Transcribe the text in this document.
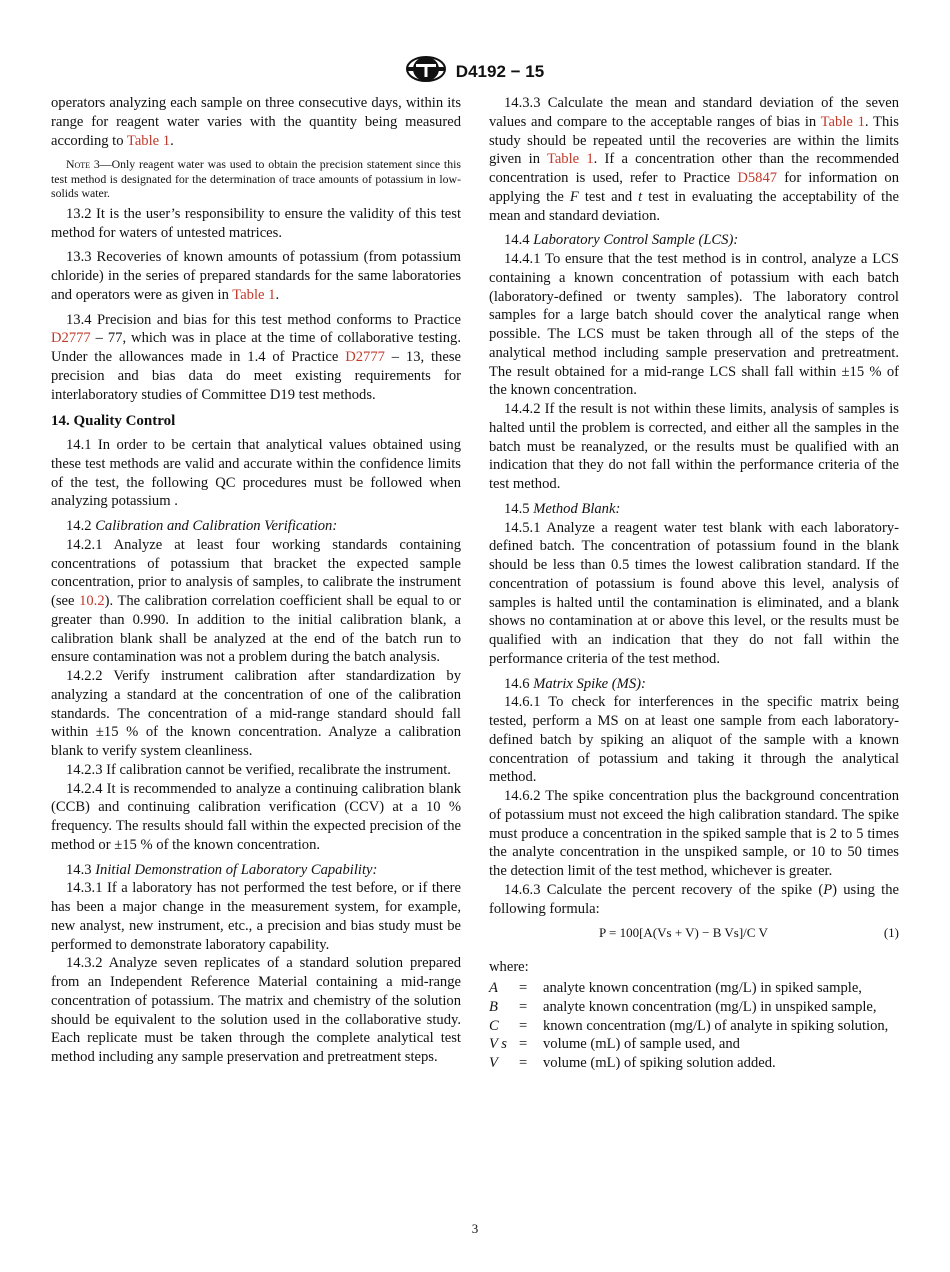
D4192 − 15

operators analyzing each sample on three consecutive days, within its range for reagent water varies with the quantity being measured according to Table 1.

Note 3—Only reagent water was used to obtain the precision statement since this test method is designated for the determination of trace amounts of potassium in low-solids water.

13.2 It is the user’s responsibility to ensure the validity of this test method for waters of untested matrices.

13.3 Recoveries of known amounts of potassium (from potassium chloride) in the series of prepared standards for the same laboratories and operators were as given in Table 1.

13.4 Precision and bias for this test method conforms to Practice D2777 – 77, which was in place at the time of collaborative testing. Under the allowances made in 1.4 of Practice D2777 – 13, these precision and bias data do meet existing requirements for interlaboratory studies of Committee D19 test methods.

14. Quality Control

14.1 In order to be certain that analytical values obtained using these test methods are valid and accurate within the confidence limits of the test, the following QC procedures must be followed when analyzing potassium .

14.2 Calibration and Calibration Verification:

14.2.1 Analyze at least four working standards containing concentrations of potassium that bracket the expected sample concentration, prior to analysis of samples, to calibrate the instrument (see 10.2). The calibration correlation coefficient shall be equal to or greater than 0.990. In addition to the initial calibration blank, a calibration blank shall be analyzed at the end of the batch run to ensure contamination was not a problem during the batch analysis.

14.2.2 Verify instrument calibration after standardization by analyzing a standard at the concentration of one of the calibration standards. The concentration of a mid-range standard should fall within ±15 % of the known concentration. Analyze a calibration blank to verify system cleanliness.

14.2.3 If calibration cannot be verified, recalibrate the instrument.

14.2.4 It is recommended to analyze a continuing calibration blank (CCB) and continuing calibration verification (CCV) at a 10 % frequency. The results should fall within the expected precision of the method or ±15 % of the known concentration.

14.3 Initial Demonstration of Laboratory Capability:

14.3.1 If a laboratory has not performed the test before, or if there has been a major change in the measurement system, for example, new analyst, new instrument, etc., a precision and bias study must be performed to demonstrate laboratory capability.

14.3.2 Analyze seven replicates of a standard solution prepared from an Independent Reference Material containing a mid-range concentration of potassium. The matrix and chemistry of the solution should be equivalent to the solution used in the collaborative study. Each replicate must be taken through the complete analytical test method including any sample preservation and pretreatment steps.

14.3.3 Calculate the mean and standard deviation of the seven values and compare to the acceptable ranges of bias in Table 1. This study should be repeated until the recoveries are within the limits given in Table 1. If a concentration other than the recommended concentration is used, refer to Practice D5847 for information on applying the F test and t test in evaluating the acceptability of the mean and standard deviation.

14.4 Laboratory Control Sample (LCS):

14.4.1 To ensure that the test method is in control, analyze a LCS containing a known concentration of potassium with each batch (laboratory-defined or twenty samples). The laboratory control samples for a large batch should cover the analytical range when possible. The LCS must be taken through all of the steps of the analytical method including sample preservation and pretreatment. The result obtained for a mid-range LCS shall fall within ±15 % of the known concentration.

14.4.2 If the result is not within these limits, analysis of samples is halted until the problem is corrected, and either all the samples in the batch must be reanalyzed, or the results must be qualified with an indication that they do not fall within the performance criteria of the test method.

14.5 Method Blank:

14.5.1 Analyze a reagent water test blank with each laboratory-defined batch. The concentration of potassium found in the blank should be less than 0.5 times the lowest calibration standard. If the concentration of potassium is found above this level, analysis of samples is halted until the contamination is eliminated, and a blank shows no contamination at or above this level, or the results must be qualified with an indication that they do not fall within the performance criteria of the test method.

14.6 Matrix Spike (MS):

14.6.1 To check for interferences in the specific matrix being tested, perform a MS on at least one sample from each laboratory-defined batch by spiking an aliquot of the sample with a known concentration of potassium and taking it through the analytical method.

14.6.2 The spike concentration plus the background concentration of potassium must not exceed the high calibration standard. The spike must produce a concentration in the spiked sample that is 2 to 5 times the analyte concentration in the unspiked sample, or 10 to 50 times the detection limit of the test method, whichever is greater.

14.6.3 Calculate the percent recovery of the spike (P) using the following formula:

P = 100[A(Vs + V) − B Vs]/C V	(1)

where:

A	=	analyte known concentration (mg/L) in spiked sample,
B	=	analyte known concentration (mg/L) in unspiked sample,
C	=	known concentration (mg/L) of analyte in spiking solution,
V s =	volume (mL) of sample used, and
V	=	volume (mL) of spiking solution added.
3
